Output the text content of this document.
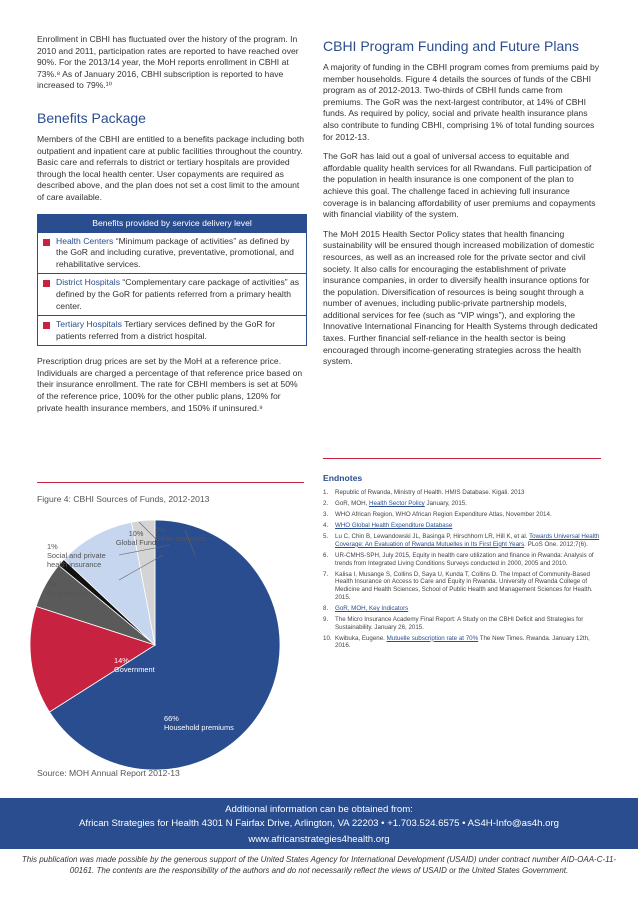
Enrollment in CBHI has fluctuated over the history of the program. In 2010 and 2011, participation rates are reported to have reached over 90%. For the 2013/14 year, the MoH reports enrollment in CBHI at 73%.⁸ As of January 2016, CBHI subscription is reported to have increased to 79%.¹⁰

Benefits Package

Members of the CBHI are entitled to a benefits package including both outpatient and inpatient care at public facilities throughout the country. Basic care and referrals to district or tertiary hospitals are provided through the local health center. User copayments are required as described above, and the plan does not set a cost limit to the amount of care available.

Benefits provided by service delivery level
Health Centers “Minimum package of activities” as defined by the GoR and including curative, preventative, promotional, and rehabilitative services.
District Hospitals “Complementary care package of activities” as defined by the GoR for patients referred from a primary health center.
Tertiary Hospitals Tertiary services defined by the GoR for patients referred from a district hospital.

Prescription drug prices are set by the MoH at a reference price. Individuals are charged a percentage of that reference price based on their insurance enrollment. The rate for CBHI members is set at 50% of the reference price, 100% for the other public plans, 120% for private health insurance members, and 150% if uninsured.⁹

CBHI Program Funding and Future Plans

A majority of funding in the CBHI program comes from premiums paid by member households. Figure 4 details the sources of funds of the CBHI program as of 2012-2013. Two-thirds of CBHI funds came from premiums. The GoR was the next-largest contributor, at 14% of CBHI funds. As required by policy, social and private health insurance plans also contribute to funding CBHI, comprising 1% of total funding sources for 2012-13.

The GoR has laid out a goal of universal access to equitable and affordable quality health services for all Rwandans. Full participation of the population in health insurance is one component of the plan to achieve this goal. The challenge faced in achieving full insurance coverage is in balancing affordability of user premiums and copayments with financial viability of the system.

The MoH 2015 Health Sector Policy states that health financing sustainability will be ensured though increased mobilization of domestic resources, as well as an increased role for the private sector and civil society. It also calls for encouraging the establishment of private insurance companies, in order to diversify health insurance options for the population. Diversification of resources is being sought through a number of avenues, including public-private partnership models, additional services for fee (such as “VIP wings”), and exploring the Innovative International Financing for Health Systems through dedicated taxes. Further financial self-reliance in the health sector is being encouraged through income-generating strategies across the health system.

Figure 4: CBHI Sources of Funds, 2012-2013
10%
Global Fund
3%
Other revenues
1%
Social and private health insurance
6%
Co-payment
14%
Government
66%
Household premiums
Source: MOH Annual Report 2012-13
Endnotes
1.	Republic of Rwanda, Ministry of Health. HMIS Database. Kigali. 2013
2.	GoR, MOH, Health Sector Policy January, 2015.
3.	WHO African Region, WHO African Region Expenditure Atlas, November 2014.
4.	WHO Global Health Expenditure Database
5.	Lu C, Chin B, Lewandowski JL, Basinga P, Hirschhorn LR, Hill K, et al. Towards Universal Health Coverage: An Evaluation of Rwanda Mutuelles in Its First Eight Years. PLoS One. 2012;7(6).
6.	UR-CMHS-SPH, July 2015, Equity in health care utilization and finance in Rwanda: Analysis of trends from Integrated Living Conditions Surveys conducted in 2000, 2005 and 2010.
7.	Kalisa I, Musange S, Collins D, Saya U, Kunda T, Collins D. The Impact of Community-Based Health Insurance on Access to Care and Equity in Rwanda. University of Rwanda College of Medicine and Health Sciences, School of Public Health and Management Sciences for Health. 2015.
8.	GoR, MOH, Key Indicators
9.	The Micro Insurance Academy Final Report: A Study on the CBHI Deficit and Strategies for Sustainability. January 26, 2015.
10. Kwibuka, Eugene. Mutuelle subscription rate at 70% The New Times. Rwanda. January 12th, 2016.
Additional information can be obtained from:
African Strategies for Health 4301 N Fairfax Drive, Arlington, VA 22203 • +1.703.524.6575 • AS4H-Info@as4h.org
www.africanstrategies4health.org
This publication was made possible by the generous support of the United States Agency for International Development (USAID) under contract number AID-OAA-C-11-00161. The contents are the responsibility of the authors and do not necessarily reflect the views of USAID or the United States Government.
